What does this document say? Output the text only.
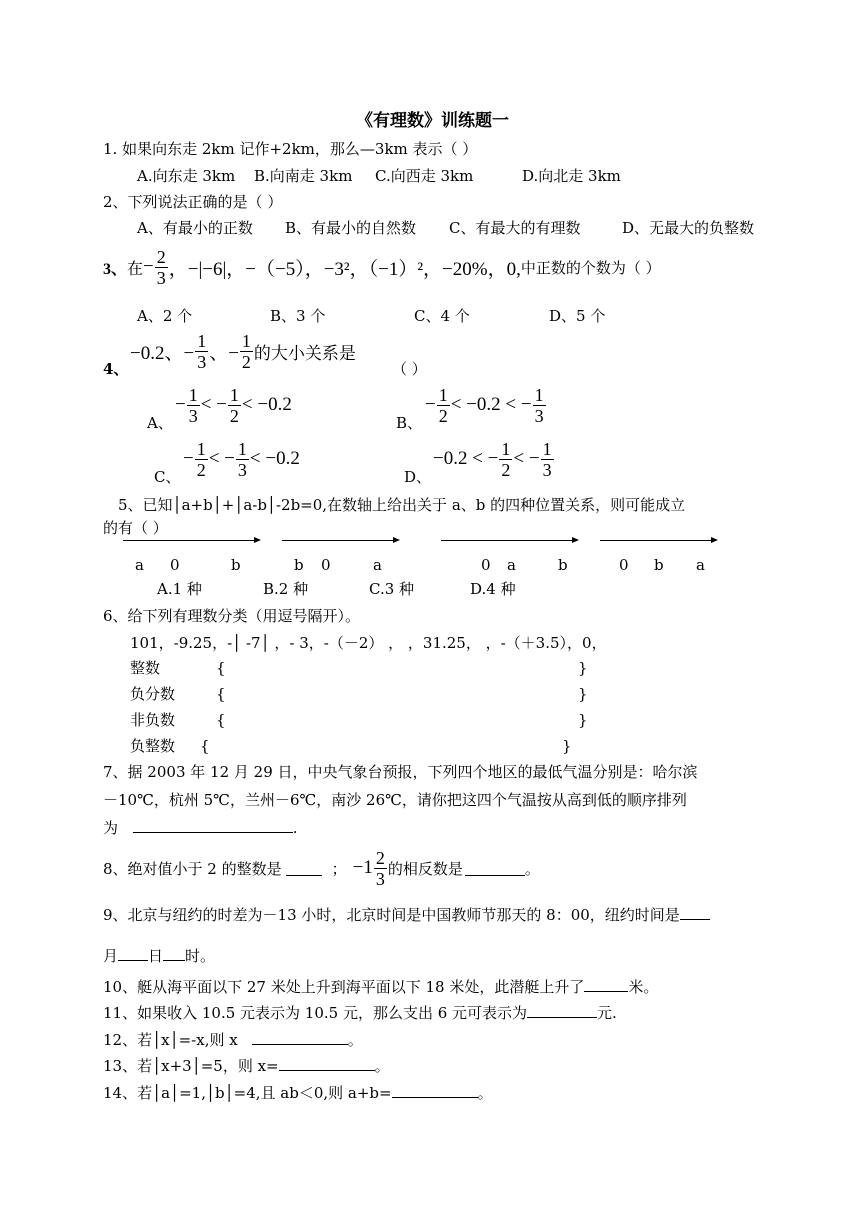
《有理数》训练题一
1. 如果向东走 2km 记作+2km，那么—3km 表示（ ）
A.向东走 3km B.向南走 3km C.向西走 3km	D.向北走 3km
2、下列说法正确的是（ ）
A、有最小的正数 B、有最小的自然数 C、有最大的有理数	D、无最大的负整数
3、 在 − $\frac{2}{3}$ ，−|−6|，−（−5），−3²，（−1）²，−20%，0, 中正数的个数为（ ）
A、2 个	B、3 个	C、4 个	D、5 个
−0.2、− $\frac{1}{3}$ 、− $\frac{1}{2}$ 的大小关系是
4、	（ ）
− $\frac{1}{3}$ < − $\frac{1}{2} < -0.2$
A、
− $\frac{1}{2} < -0.2$ < − $\frac{1}{3}$
B、
− $\frac{1}{2}$ < − $\frac{1}{3} < -0.2$
C、
−0.2 < − $\frac{1}{2}$ < − $\frac{1}{3}$
D、
5、已知│a+b│+│a-b│-2b=0,在数轴上给出关于 a、b 的四种位置关系，则可能成立
的有（ ）
a 0	b	b 0	a	0 a	b	0 b a
A.1 种	B.2 种	C.3 种	D.4 种
6、给下列有理数分类（用逗号隔开）。
101，-9.25，-│ -7│ ，- 3，-（－2） ， ，31.25， ，-（＋3.5），0，
整数	{	}
负分数	{	}
非负数	{	}
负整数 {	}
7、据 2003 年 12 月 29 日，中央气象台预报，下列四个地区的最低气温分别是：哈尔滨
－10℃，杭州 5℃，兰州－6℃，南沙 26℃，请你把这四个气温按从高到低的顺序排列
为	.
8、绝对值小于 2 的整数是	； $-1 \frac{2}{3}$ 的相反数是	。
9、北京与纽约的时差为－13 小时，北京时间是中国教师节那天的 8：00，纽约时间是
月 日 时。
10、艇从海平面以下 27 米处上升到海平面以下 18 米处，此潜艇上升了	米。
11、如果收入 10.5 元表示为 10.5 元，那么支出 6 元可表示为	元.
12、若│x│=-x,则 x	。
13、若│x+3│=5，则 x=	。
14、若│a│=1,│b│=4,且 ab＜0,则 a+b=	。
